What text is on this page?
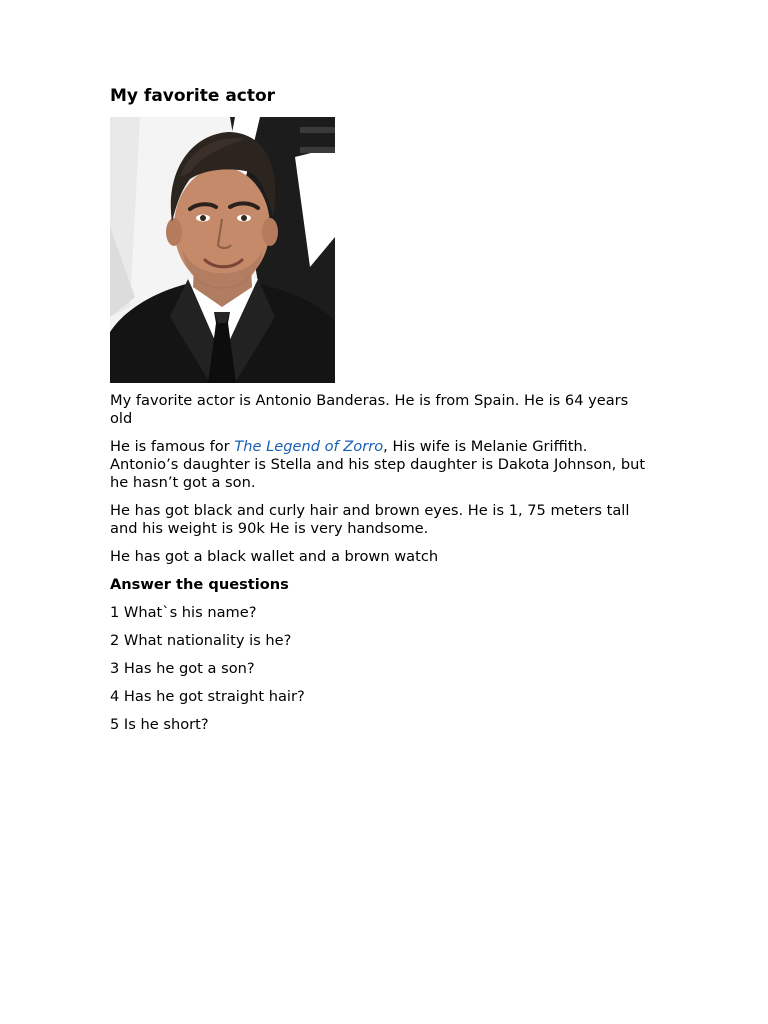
My favorite actor

My favorite actor is Antonio Banderas. He is from Spain. He is 64 years old

He is famous for The Legend of Zorro, His wife is Melanie Griffith. Antonio’s daughter is Stella and his step daughter is Dakota Johnson, but he hasn’t got a son.

He has got black and curly hair and brown eyes. He is 1, 75 meters tall and his weight is 90k He is very handsome.

He has got a black wallet and a brown watch

Answer the questions

1 What`s his name?

2 What nationality is he?

3 Has he got a son?

4 Has he got straight hair?

5 Is he short?
